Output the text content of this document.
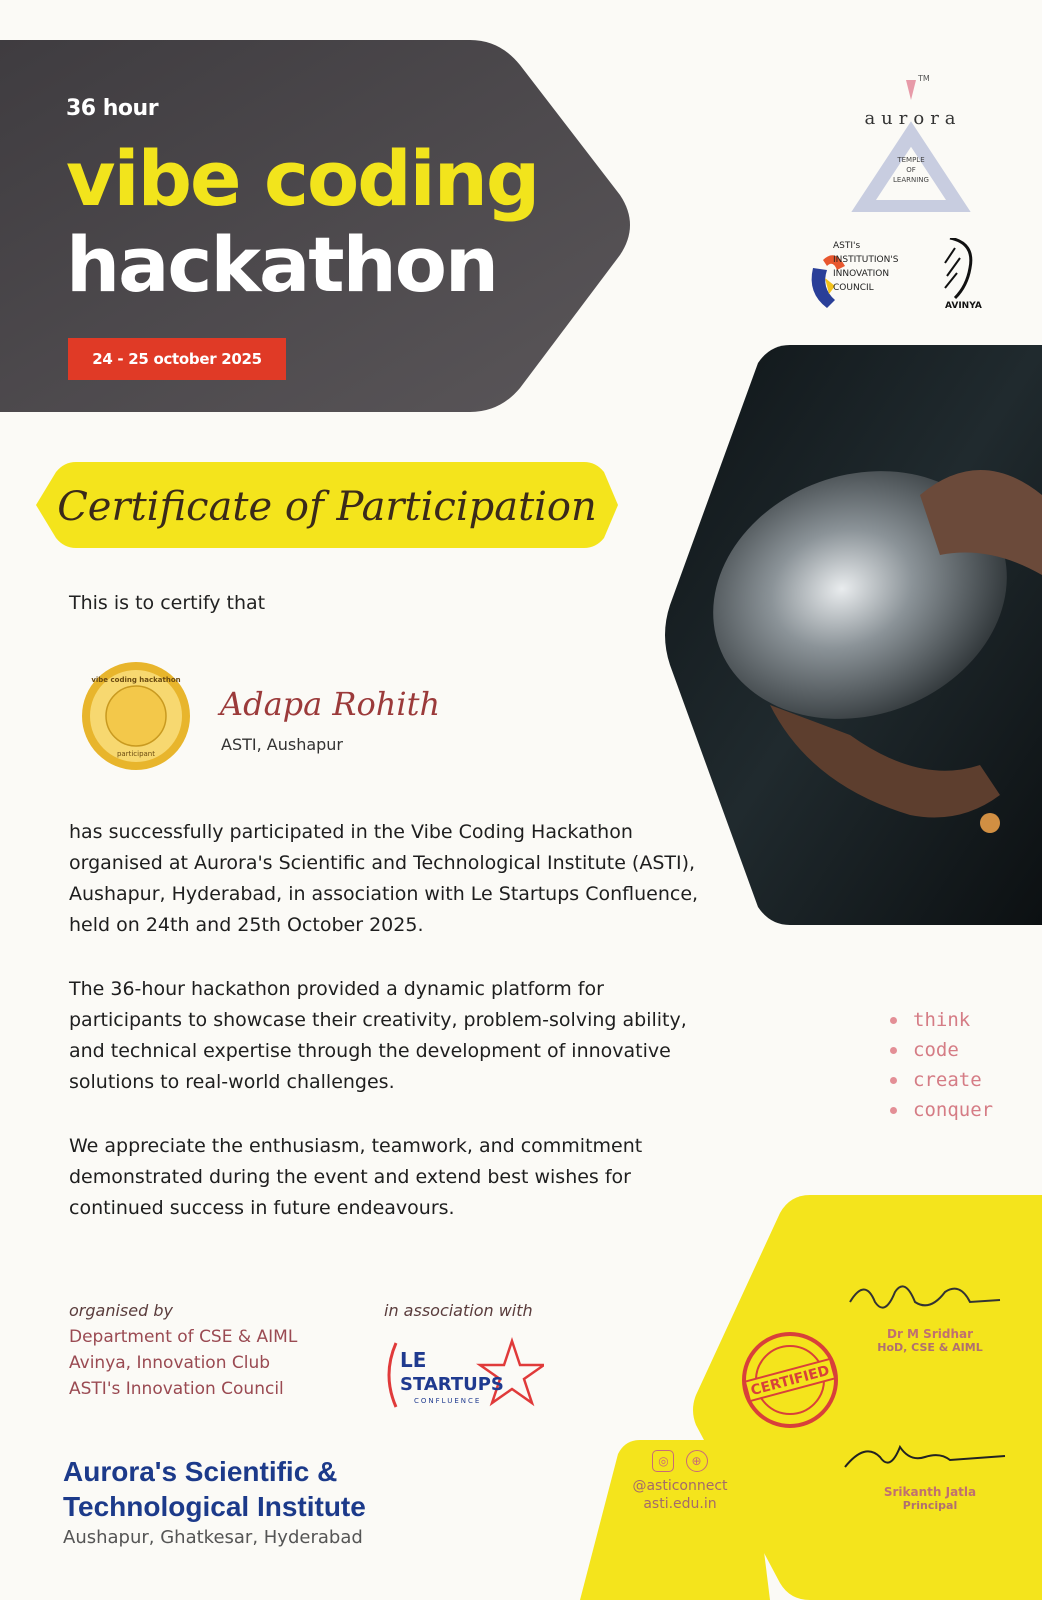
36 hour
vibe coding
hackathon
24 - 25 october 2025
TM
aurora
TEMPLE
OF
LEARNING
ASTI's
INSTITUTION'S
INNOVATION
COUNCIL
AVINYA
Certificate of Participation
This is to certify that
vibe coding hackathon
participant
Adapa Rohith
ASTI, Aushapur
has successfully participated in the Vibe Coding Hackathon organised at Aurora's Scientific and Technological Institute (ASTI), Aushapur, Hyderabad, in association with Le Startups Confluence, held on 24th and 25th October 2025.
The 36-hour hackathon provided a dynamic platform for participants to showcase their creativity, problem-solving ability, and technical expertise through the development of innovative solutions to real-world challenges.
We appreciate the enthusiasm, teamwork, and commitment demonstrated during the event and extend best wishes for continued success in future endeavours.
think
code
create
conquer
Dr M Sridhar
HoD, CSE & AIML
Srikanth Jatla
Principal
CERTIFIED
organised by
Department of CSE & AIML
Avinya, Innovation Club
ASTI's Innovation Council
in association with
LE
STARTUPS
CONFLUENCE
Aurora's Scientific &
Technological Institute
Aushapur, Ghatkesar, Hyderabad
◎ ⊕
@asticonnect
asti.edu.in
